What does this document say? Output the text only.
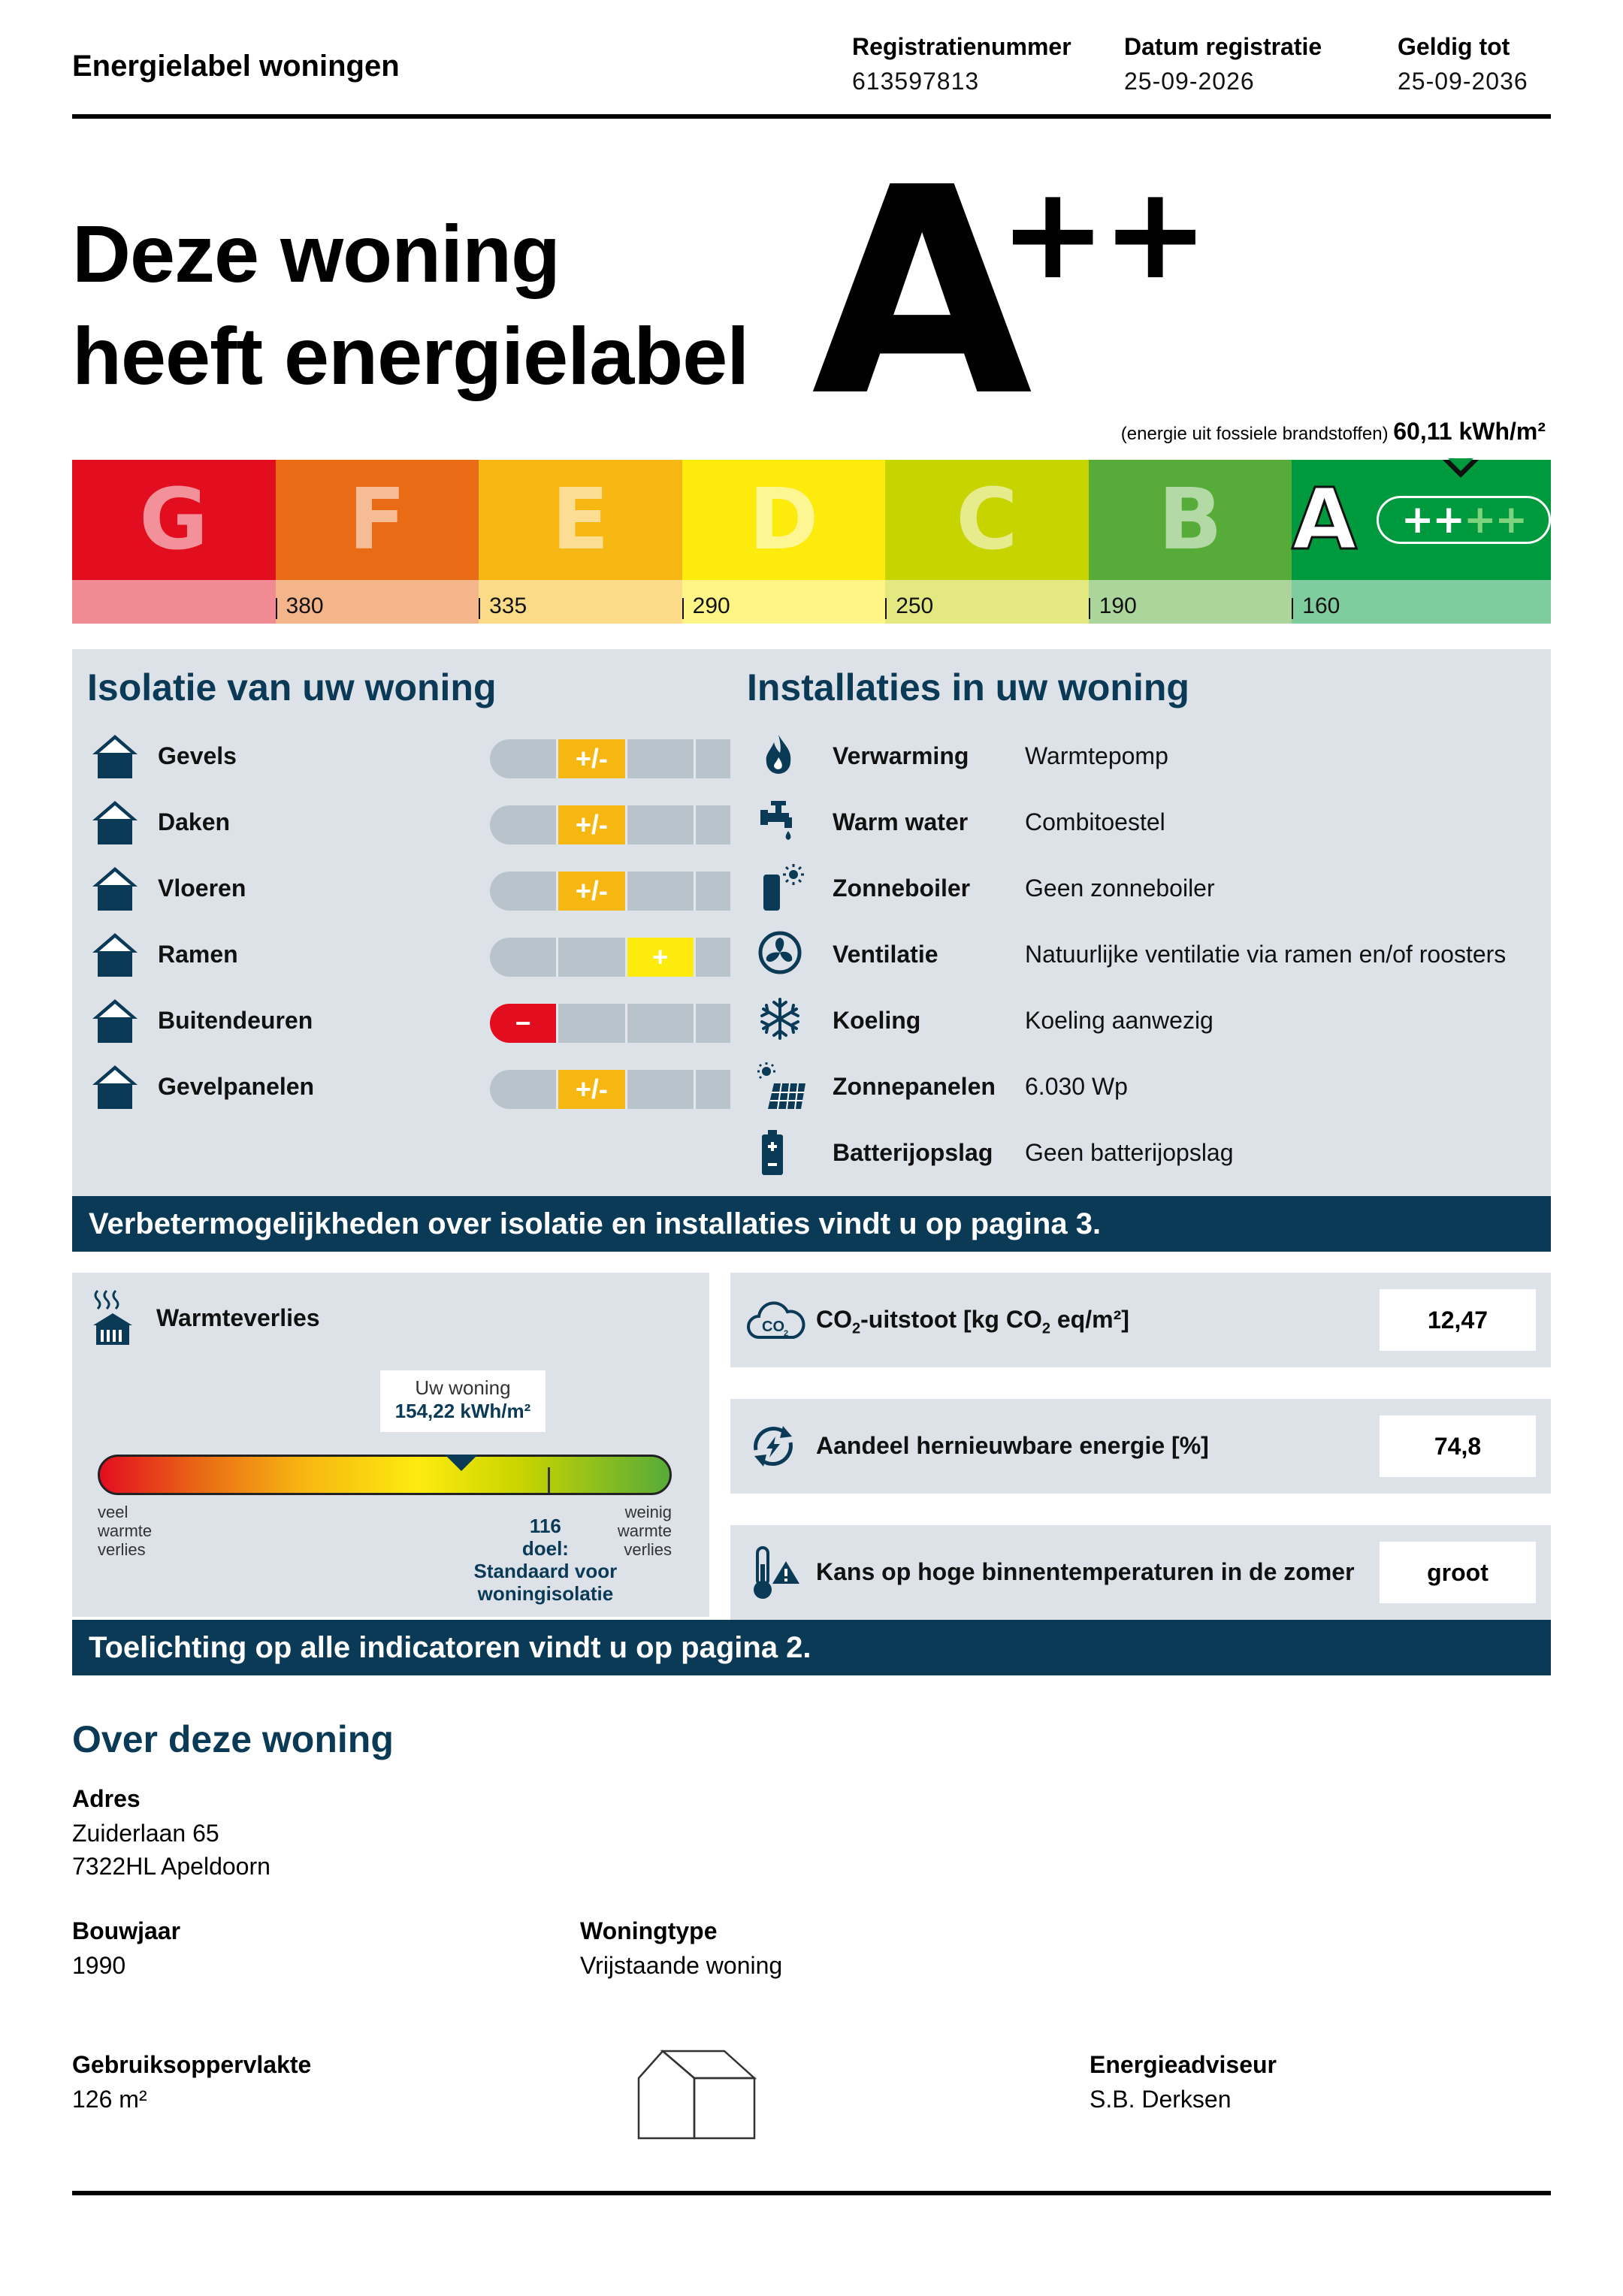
Energielabel woningen
Registratienummer
613597813
Datum registratie
25-09-2026
Geldig tot
25-09-2036
Deze woning
heeft energielabel A
++
(energie uit fossiele brandstoffen) 60,11 kWh/m²
G	F
380
E
335
D
290
C
250
B
190
A ++ ++
160
Isolatie van uw woning
Gevels	+/-
Daken	+/-
Vloeren	+/-
Ramen	+
Buitendeuren	−
Gevelpanelen	+/-
Installaties in uw woning
Verwarming Warmtepomp
Warm water Combitoestel
Zonneboiler Geen zonneboiler
Ventilatie	Natuurlijke ventilatie via ramen en/of roosters
Koeling	Koeling aanwezig
Zonnepanelen 6.030 Wp
Batterijopslag Geen batterijopslag
Verbetermogelijkheden over isolatie en installaties vindt u op pagina 3.
Warmteverlies
Uw woning
154,22 kWh/m²
veel
warmte
verlies
weinig
warmte
verlies
116
doel:
Standaard voor
woningisolatie
CO 2
$CO_2$-uitstoot [kg $CO_2$ eq/m²]	12,47
Aandeel hernieuwbare energie [%]	74,8
Kans op hoge binnentemperaturen in de zomer	groot
Toelichting op alle indicatoren vindt u op pagina 2.
Over deze woning
Adres
Zuiderlaan 65
7322HL Apeldoorn
Bouwjaar
1990
Woningtype
Vrijstaande woning
Gebruiksoppervlakte
126 m²
Energieadviseur
S.B. Derksen
